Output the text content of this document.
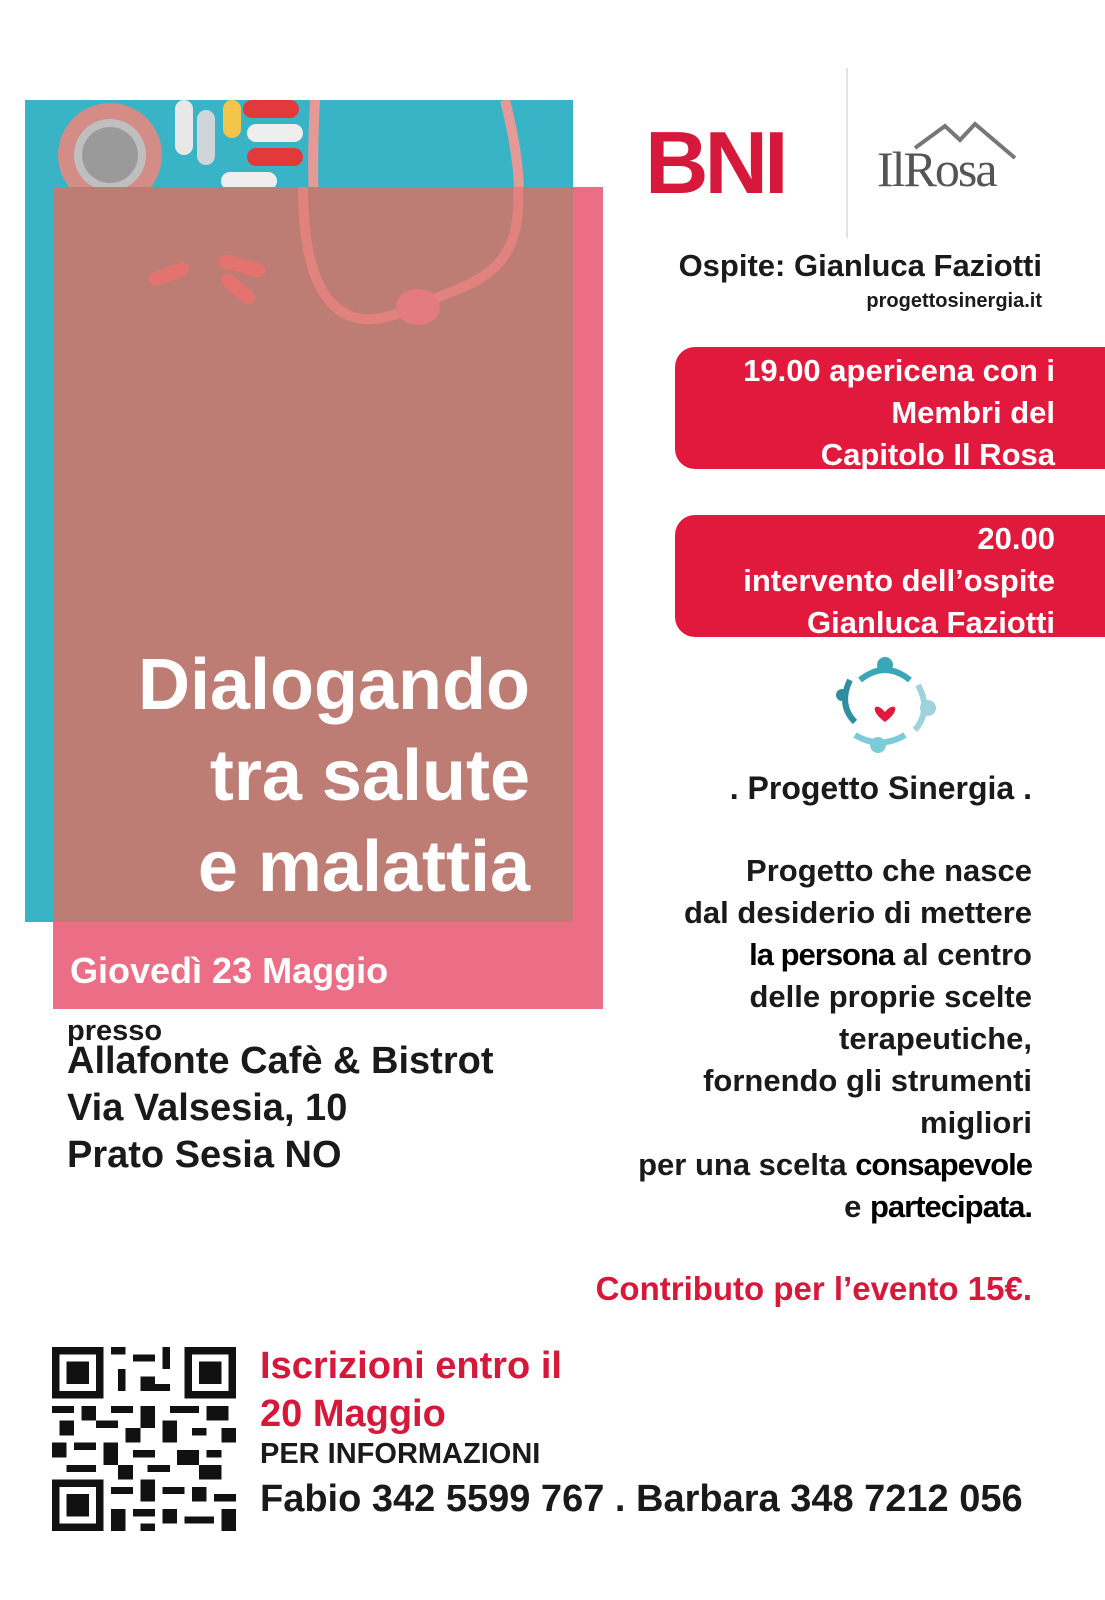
Dialogando
tra salute
e malattia
Giovedì 23 Maggio
presso
Allafonte Cafè & Bistrot
Via Valsesia, 10
Prato Sesia NO
BNI IlRosa
Ospite: Gianluca Faziotti
progettosinergia.it
19.00 apericena con i
Membri del
Capitolo Il Rosa
20.00
intervento dell’ospite
Gianluca Faziotti
. Progetto Sinergia .
Progetto che nasce
dal desiderio di mettere
la persona al centro
delle proprie scelte
terapeutiche,
fornendo gli strumenti
migliori
per una scelta consapevole
e partecipata.
Contributo per l’evento 15€.
Iscrizioni entro il
20 Maggio
PER INFORMAZIONI
Fabio 342 5599 767 . Barbara 348 7212 056
